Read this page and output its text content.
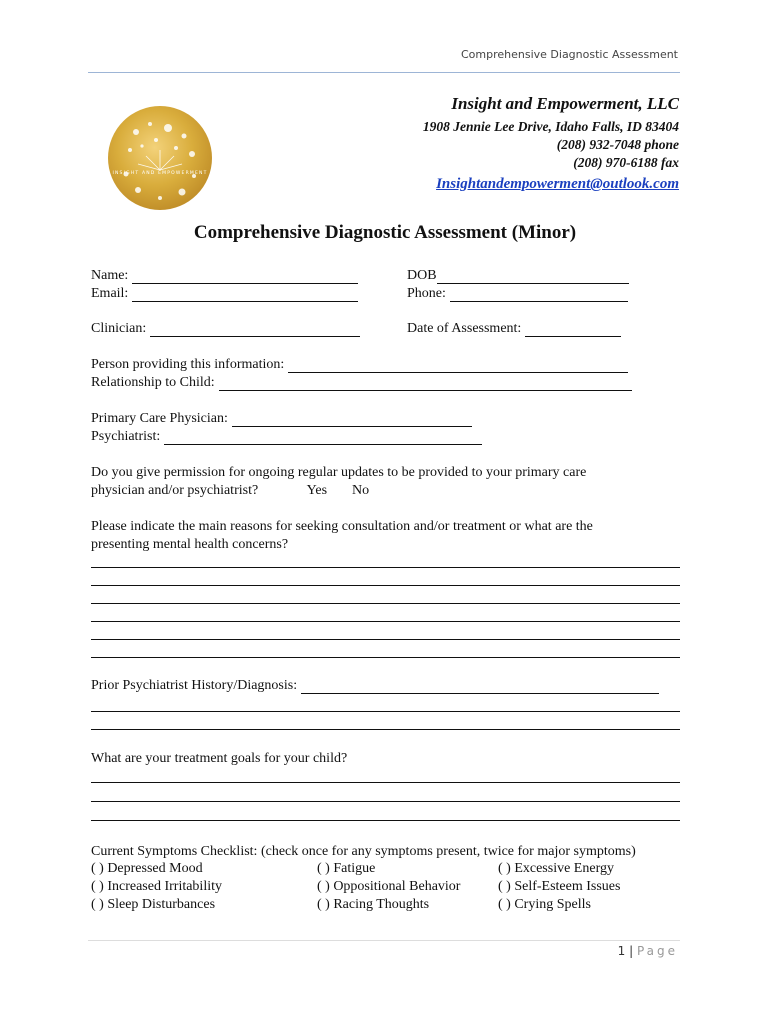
Comprehensive Diagnostic Assessment
INSIGHT AND EMPOWERMENT
Insight and Empowerment, LLC
1908 Jennie Lee Drive, Idaho Falls, ID 83404
(208) 932-7048 phone
(208) 970-6188 fax
Insightandempowerment@outlook.com
Comprehensive Diagnostic Assessment (Minor)
Name:	DOB
Email:	Phone:
Clinician:	Date of Assessment:
Person providing this information:
Relationship to Child:
Primary Care Physician:
Psychiatrist:
Do you give permission for ongoing regular updates to be provided to your primary care
physician and/or psychiatrist?	Yes No
Please indicate the main reasons for seeking consultation and/or treatment or what are the
presenting mental health concerns?
Prior Psychiatrist History/Diagnosis:
What are your treatment goals for your child?
Current Symptoms Checklist: (check once for any symptoms present, twice for major symptoms)
( ) Depressed Mood	( ) Fatigue	( ) Excessive Energy
( ) Increased Irritability	( ) Oppositional Behavior	( ) Self-Esteem Issues
( ) Sleep Disturbances	( ) Racing Thoughts	( ) Crying Spells
1 | Page
